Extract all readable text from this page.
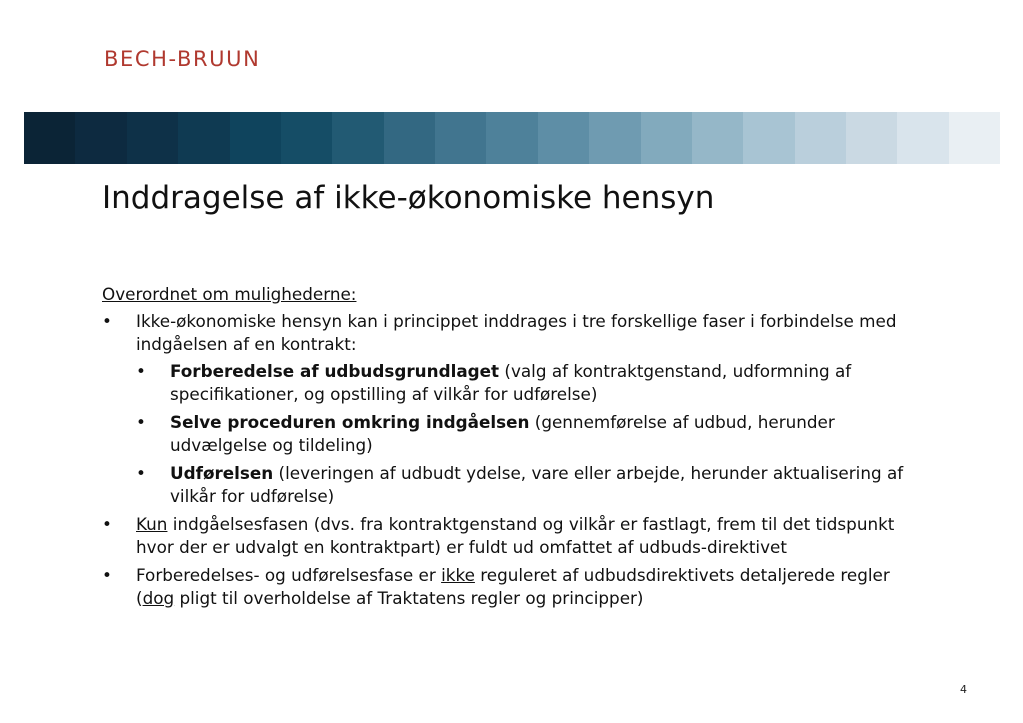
BECH-BRUUN
Inddragelse af ikke-økonomiske hensyn
Overordnet om mulighederne:
• Ikke-økonomiske hensyn kan i princippet inddrages i tre forskellige faser i forbindelse med indgåelsen af en kontrakt:
• Forberedelse af udbudsgrundlaget (valg af kontraktgenstand, udformning af specifikationer, og opstilling af vilkår for udførelse)
• Selve proceduren omkring indgåelsen (gennemførelse af udbud, herunder udvælgelse og tildeling)
• Udførelsen (leveringen af udbudt ydelse, vare eller arbejde, herunder aktualisering af vilkår for udførelse)
• Kun indgåelsesfasen (dvs. fra kontraktgenstand og vilkår er fastlagt, frem til det tidspunkt hvor der er udvalgt en kontraktpart) er fuldt ud omfattet af udbuds-direktivet
• Forberedelses- og udførelsesfase er ikke reguleret af udbudsdirektivets detaljerede regler (dog pligt til overholdelse af Traktatens regler og principper)
4
